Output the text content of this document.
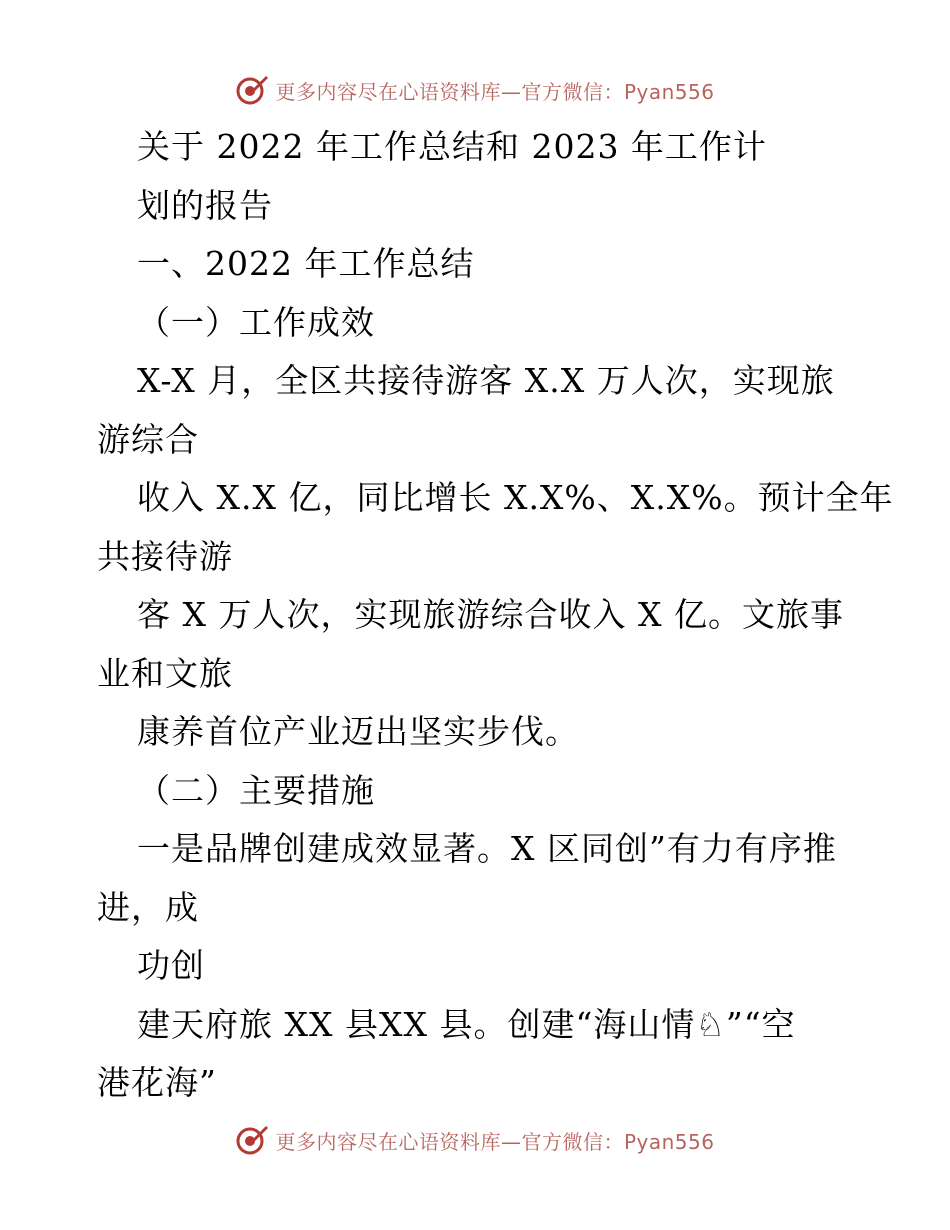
更多内容尽在心语资料库—官方微信：Pyan556
关于 2022 年工作总结和 2023 年工作计
划的报告
一、2022 年工作总结
（一）工作成效
X-X 月，全区共接待游客 X.X 万人次，实现旅
游综合
收入 X.X 亿，同比增长 X.X%、X.X%。预计全年
共接待游
客 X 万人次，实现旅游综合收入 X 亿。文旅事
业和文旅
康养首位产业迈出坚实步伐。
（二）主要措施
一是品牌创建成效显著。X 区同创”有力有序推
进，成
功创
建天府旅 XX 县XX 县。创建“海山情♘”“空
港花海”
更多内容尽在心语资料库—官方微信：Pyan556
